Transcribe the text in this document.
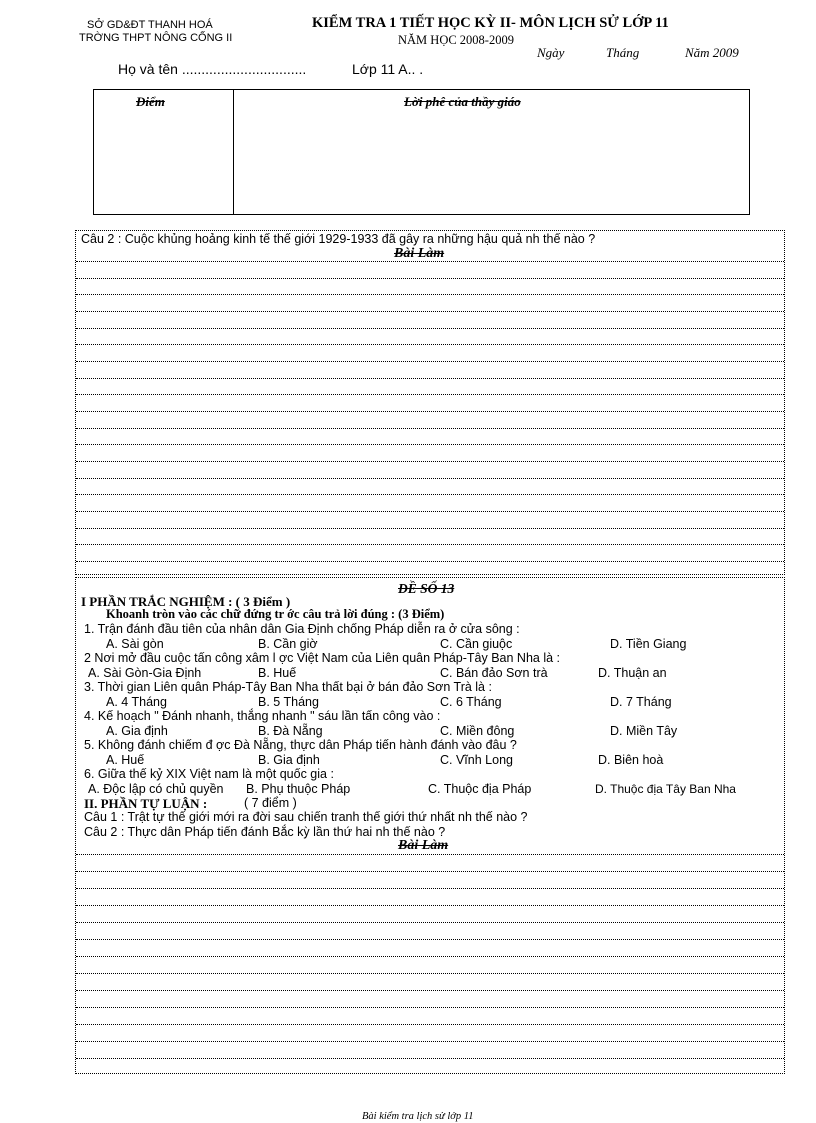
SỞ GD&ĐT THANH HOÁ
TRỜNG THPT NÔNG CỐNG II
KIỂM TRA 1 TIẾT HỌC KỲ II- MÔN LỊCH SỬ LỚP 11
NĂM HỌC 2008-2009
Ngày	Tháng	Năm 2009
Họ và tên ................................	Lớp 11 A.. .
Điểm	Lời phê của thầy giáo
Câu 2 : Cuộc khủng hoảng kinh tế thế giới 1929-1933 đã gây ra những hậu quả nh thế nào ?
Bài Làm
ĐỀ SỐ 13
I PHẦN TRẮC NGHIỆM : ( 3 Điểm )
Khoanh tròn vào các chữ đứng tr ớc câu trả lời đúng : (3 Điểm)
1. Trận đánh đầu tiên của nhân dân Gia Định chống Pháp diễn ra ở cửa sông :
A. Sài gòn	B. Cần giờ	C. Cần giuộc	D. Tiền Giang
2 Nơi mở đầu cuộc tấn công xâm l ợc Việt Nam của Liên quân Pháp-Tây Ban Nha là :
A. Sài Gòn-Gia Định	B. Huế	C. Bán đảo Sơn trà	D. Thuận an
3. Thời gian Liên quân Pháp-Tây Ban Nha thất bại ở bán đảo Sơn Trà là :
A. 4 Tháng	B. 5 Tháng	C. 6 Tháng	D. 7 Tháng
4. Kế hoạch " Đánh nhanh, thắng nhanh " sáu lần tấn công vào :
A. Gia định	B. Đà Nẵng	C. Miền đông	D. Miền Tây
5. Không đánh chiếm đ ợc Đà Nẵng, thực dân Pháp tiến hành đánh vào đâu ?
A. Huế	B. Gia định	C. Vĩnh Long	D. Biên hoà
6. Giữa thế kỷ XIX Việt nam là một quốc gia :
A. Độc lập có chủ quyền B. Phụ thuộc Pháp	C. Thuộc địa Pháp	D. Thuộc địa Tây Ban Nha
II. PHẦN TỰ LUẬN :	( 7 điểm )
Câu 1 : Trật tự thế giới mới ra đời sau chiến tranh thế giới thứ nhất nh thế nào ?
Câu 2 : Thực dân Pháp tiến đánh Bắc kỳ lần thứ hai nh thế nào ?
Bài Làm
Bài kiểm tra lịch sử lớp 11
